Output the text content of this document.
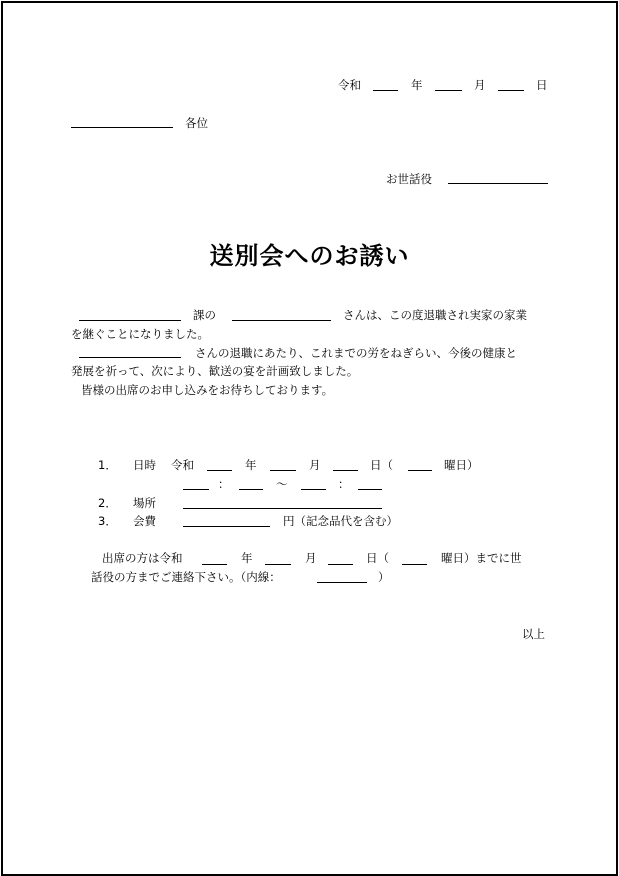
令和	年	月	日
各位
お世話役
送別会へのお誘い
課の	さんは、この度退職され実家の家業
を継ぐことになりました。
さんの退職にあたり、これまでの労をねぎらい、今後の健康と
発展を祈って、次により、歓送の宴を計画致しました。
皆様の出席のお申し込みをお待ちしております。
1． 日時 令和	年	月	日（	曜日）
：	～	：
2． 場所
3． 会費	円（記念品代を含む）
出席の方は令和	年	月	日（	曜日）までに世
話役の方までご連絡下さい。（内線：	）
以上
